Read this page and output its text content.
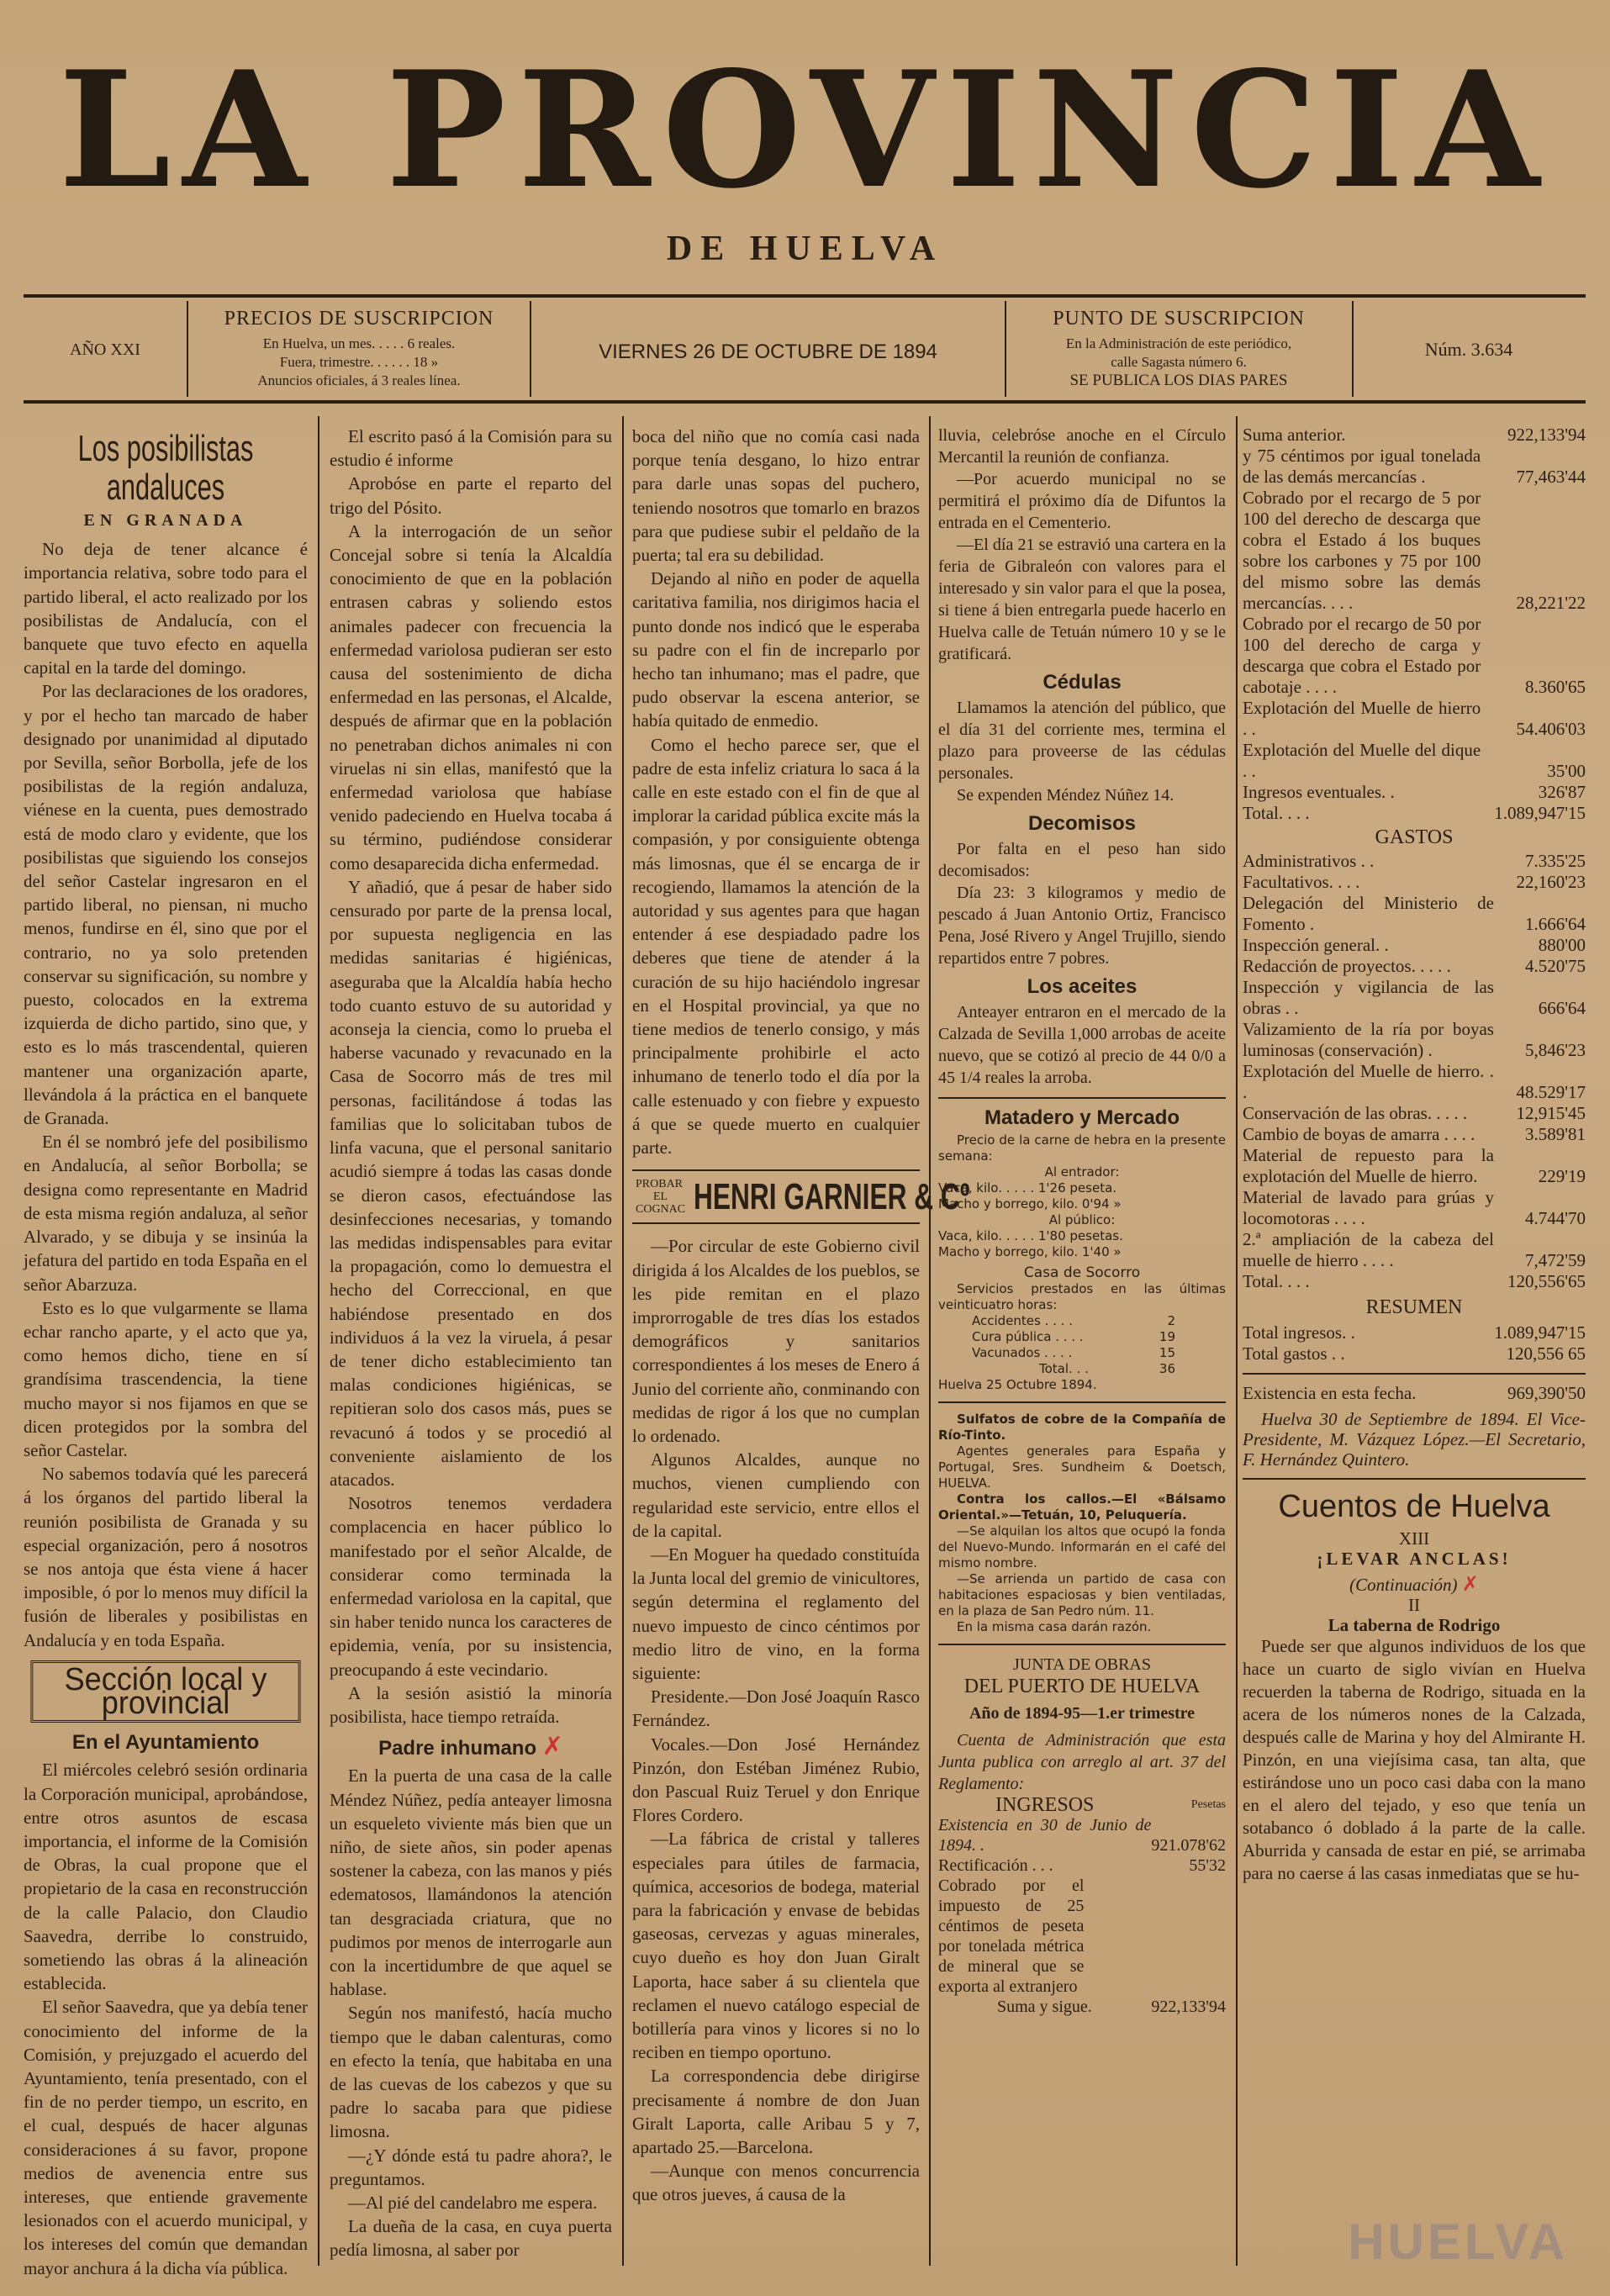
LA PROVINCIA
DE HUELVA
AÑO XXI
PRECIOS DE SUSCRIPCION
En Huelva, un mes. . . . . 6 reales.
Fuera, trimestre. . . . . . 18 »
Anuncios oficiales, á 3 reales línea.
VIERNES 26 DE OCTUBRE DE 1894
PUNTO DE SUSCRIPCION
En la Administración de este periódico,
calle Sagasta número 6.
SE PUBLICA LOS DIAS PARES
Núm. 3.634
Los posibilistas andaluces
EN GRANADA

No deja de tener alcance é importancia relativa, sobre todo para el partido liberal, el acto realizado por los posibilistas de Andalucía, con el banquete que tuvo efecto en aquella capital en la tarde del domingo.

Por las declaraciones de los oradores, y por el hecho tan marcado de haber designado por unanimidad al diputado por Sevilla, señor Borbolla, jefe de los posibilistas de la región andaluza, viénese en la cuenta, pues demostrado está de modo claro y evidente, que los posibilistas que siguiendo los consejos del señor Castelar ingresaron en el partido liberal, no piensan, ni mucho menos, fundirse en él, sino que por el contrario, no ya solo pretenden conservar su significación, su nombre y puesto, colocados en la extrema izquierda de dicho partido, sino que, y esto es lo más trascendental, quieren mantener una organización aparte, llevándola á la práctica en el banquete de Granada.

En él se nombró jefe del posibilismo en Andalucía, al señor Borbolla; se designa como representante en Madrid de esta misma región andaluza, al señor Alvarado, y se dibuja y se insinúa la jefatura del partido en toda España en el señor Abarzuza.

Esto es lo que vulgarmente se llama echar rancho aparte, y el acto que ya, como hemos dicho, tiene en sí grandísima trascendencia, la tiene mucho mayor si nos fijamos en que se dicen protegidos por la sombra del señor Castelar.

No sabemos todavía qué les parecerá á los órganos del partido liberal la reunión posibilista de Granada y su especial organización, pero á nosotros se nos antoja que ésta viene á hacer imposible, ó por lo menos muy difícil la fusión de liberales y posibilistas en Andalucía y en toda España.

Sección local y provincial
En el Ayuntamiento

El miércoles celebró sesión ordinaria la Corporación municipal, aprobándose, entre otros asuntos de escasa importancia, el informe de la Comisión de Obras, la cual propone que el propietario de la casa en reconstrucción de la calle Palacio, don Claudio Saavedra, derribe lo construido, sometiendo las obras á la alineación establecida.

El señor Saavedra, que ya debía tener conocimiento del informe de la Comisión, y prejuzgado el acuerdo del Ayuntamiento, tenía presentado, con el fin de no perder tiempo, un escrito, en el cual, después de hacer algunas consideraciones á su favor, propone medios de avenencia entre sus intereses, que entiende gravemente lesionados con el acuerdo municipal, y los intereses del común que demandan mayor anchura á la dicha vía pública.

El escrito pasó á la Comisión para su estudio é informe

Aprobóse en parte el reparto del trigo del Pósito.

A la interrogación de un señor Concejal sobre si tenía la Alcaldía conocimiento de que en la población entrasen cabras y soliendo estos animales padecer con frecuencia la enfermedad variolosa pudieran ser esto causa del sostenimiento de dicha enfermedad en las personas, el Alcalde, después de afirmar que en la población no penetraban dichos animales ni con viruelas ni sin ellas, manifestó que la enfermedad variolosa que habíase venido padeciendo en Huelva tocaba á su término, pudiéndose considerar como desaparecida dicha enfermedad.

Y añadió, que á pesar de haber sido censurado por parte de la prensa local, por supuesta negligencia en las medidas sanitarias é higiénicas, aseguraba que la Alcaldía había hecho todo cuanto estuvo de su autoridad y aconseja la ciencia, como lo prueba el haberse vacunado y revacunado en la Casa de Socorro más de tres mil personas, facilitándose á todas las familias que lo solicitaban tubos de linfa vacuna, que el personal sanitario acudió siempre á todas las casas donde se dieron casos, efectuándose las desinfecciones necesarias, y tomando las medidas indispensables para evitar la propagación, como lo demuestra el hecho del Correccional, en que habiéndose presentado en dos individuos á la vez la viruela, á pesar de tener dicho establecimiento tan malas condiciones higiénicas, se repitieran solo dos casos más, pues se revacunó á todos y se procedió al conveniente aislamiento de los atacados.

Nosotros tenemos verdadera complacencia en hacer público lo manifestado por el señor Alcalde, de considerar como terminada la enfermedad variolosa en la capital, que sin haber tenido nunca los caracteres de epidemia, venía, por su insistencia, preocupando á este vecindario.

A la sesión asistió la minoría posibilista, hace tiempo retraída.

Padre inhumano ✗

En la puerta de una casa de la calle Méndez Núñez, pedía anteayer limosna un esqueleto viviente más bien que un niño, de siete años, sin poder apenas sostener la cabeza, con las manos y piés edematosos, llamándonos la atención tan desgraciada criatura, que no pudimos por menos de interrogarle aun con la incertidumbre de que aquel se hablase.

Según nos manifestó, hacía mucho tiempo que le daban calenturas, como en efecto la tenía, que habitaba en una de las cuevas de los cabezos y que su padre lo sacaba para que pidiese limosna.

—¿Y dónde está tu padre ahora?, le preguntamos.

—Al pié del candelabro me espera.

La dueña de la casa, en cuya puerta pedía limosna, al saber por

boca del niño que no comía casi nada porque tenía desgano, lo hizo entrar para darle unas sopas del puchero, teniendo nosotros que tomarlo en brazos para que pudiese subir el peldaño de la puerta; tal era su debilidad.

Dejando al niño en poder de aquella caritativa familia, nos dirigimos hacia el punto donde nos indicó que le esperaba su padre con el fin de increparlo por hecho tan inhumano; mas el padre, que pudo observar la escena anterior, se había quitado de enmedio.

Como el hecho parece ser, que el padre de esta infeliz criatura lo saca á la calle en este estado con el fin de que al implorar la caridad pública excite más la compasión, y por consiguiente obtenga más limosnas, que él se encarga de ir recogiendo, llamamos la atención de la autoridad y sus agentes para que hagan entender á ese despiadado padre los deberes que tiene de atender á la curación de su hijo haciéndolo ingresar en el Hospital provincial, ya que no tiene medios de tenerlo consigo, y más principalmente prohibirle el acto inhumano de tenerlo todo el día por la calle estenuado y con fiebre y expuesto á que se quede muerto en cualquier parte.

PROBAR
EL
COGNAC HENRI GARNIER & Cº

—Por circular de este Gobierno civil dirigida á los Alcaldes de los pueblos, se les pide remitan en el plazo improrrogable de tres días los estados demográficos y sanitarios correspondientes á los meses de Enero á Junio del corriente año, conminando con medidas de rigor á los que no cumplan lo ordenado.

Algunos Alcaldes, aunque no muchos, vienen cumpliendo con regularidad este servicio, entre ellos el de la capital.

—En Moguer ha quedado constituída la Junta local del gremio de vinicultores, según determina el reglamento del nuevo impuesto de cinco céntimos por medio litro de vino, en la forma siguiente:

Presidente.—Don José Joaquín Rasco Fernández.

Vocales.—Don José Hernández Pinzón, don Estéban Jiménez Rubio, don Pascual Ruiz Teruel y don Enrique Flores Cordero.

—La fábrica de cristal y talleres especiales para útiles de farmacia, química, accesorios de bodega, material para la fabricación y envase de bebidas gaseosas, cervezas y aguas minerales, cuyo dueño es hoy don Juan Giralt Laporta, hace saber á su clientela que reclamen el nuevo catálogo especial de botillería para vinos y licores si no lo reciben en tiempo oportuno.

La correspondencia debe dirigirse precisamente á nombre de don Juan Giralt Laporta, calle Aribau 5 y 7, apartado 25.—Barcelona.

—Aunque con menos concurrencia que otros jueves, á causa de la

lluvia, celebróse anoche en el Círculo Mercantil la reunión de confianza.

—Por acuerdo municipal no se permitirá el próximo día de Difuntos la entrada en el Cementerio.

—El día 21 se estravió una cartera en la feria de Gibraleón con valores para el interesado y sin valor para el que la posea, si tiene á bien entregarla puede hacerlo en Huelva calle de Tetuán número 10 y se le gratificará.

Cédulas

Llamamos la atención del público, que el día 31 del corriente mes, termina el plazo para proveerse de las cédulas personales.

Se expenden Méndez Núñez 14.

Decomisos

Por falta en el peso han sido decomisados:

Día 23: 3 kilogramos y medio de pescado á Juan Antonio Ortiz, Francisco Pena, José Rivero y Angel Trujillo, siendo repartidos entre 7 pobres.

Los aceites

Anteayer entraron en el mercado de la Calzada de Sevilla 1,000 arrobas de aceite nuevo, que se cotizó al precio de 44 0/0 a 45 1/4 reales la arroba.

Matadero y Mercado

Precio de la carne de hebra en la presente semana:

Al entrador:
Vaca, kilo. . . . . 1'26 peseta.
Macho y borrego, kilo. 0'94 »
Al público:
Vaca, kilo. . . . . 1'80 pesetas.
Macho y borrego, kilo. 1'40 »
Casa de Socorro

Servicios prestados en las últimas veinticuatro horas:

Accidentes . . . .	2
Cura pública . . . .	19
Vacunados . . . .	15
Total. . .	36
Huelva 25 Octubre 1894.

Sulfatos de cobre de la Compañía de Río-Tinto.

Agentes generales para España y Portugal, Sres. Sundheim & Doetsch, HUELVA.

Contra los callos.—El «Bálsamo Oriental.»—Tetuán, 10, Peluquería.

—Se alquilan los altos que ocupó la fonda del Nuevo-Mundo. Informarán en el café del mismo nombre.

—Se arrienda un partido de casa con habitaciones espaciosas y bien ventiladas, en la plaza de San Pedro núm. 11.

En la misma casa darán razón.

JUNTA DE OBRAS
DEL PUERTO DE HUELVA
Año de 1894-95—1.er trimestre

Cuenta de Administración que esta Junta publica con arreglo al art. 37 del Reglamento:

INGRESOS	Pesetas
Existencia en 30 de Junio de 1894. .	921.078'62
Rectificación . . .	55'32
Cobrado por el impuesto de 25 céntimos de peseta por tonelada métrica de mineral que se exporta al extranjero	
Suma y sigue.	922,133'94
Suma anterior.	922,133'94
y 75 céntimos por igual tonelada de las demás mercancías .	77,463'44
Cobrado por el recargo de 5 por 100 del derecho de descarga que cobra el Estado á los buques sobre los carbones y 75 por 100 del mismo sobre las demás mercancías. . . .	28,221'22
Cobrado por el recargo de 50 por 100 del derecho de carga y descarga que cobra el Estado por cabotaje . . . .	8.360'65
Explotación del Muelle de hierro . .	54.406'03
Explotación del Muelle del dique . .	35'00
Ingresos eventuales. .	326'87
Total. . . .	1.089,947'15
GASTOS
Administrativos . .	7.335'25
Facultativos. . . .	22,160'23
Delegación del Ministerio de Fomento .	1.666'64
Inspección general. .	880'00
Redacción de proyectos. . . . .	4.520'75
Inspección y vigilancia de las obras . .	666'64
Valizamiento de la ría por boyas luminosas (conservación) .	5,846'23
Explotación del Muelle de hierro. . .	48.529'17
Conservación de las obras. . . . .	12,915'45
Cambio de boyas de amarra . . . .	3.589'81
Material de repuesto para la explotación del Muelle de hierro.	229'19
Material de lavado para grúas y locomotoras . . . .	4.744'70
2.ª ampliación de la cabeza del muelle de hierro . . . .	7,472'59
Total. . . .	120,556'65
RESUMEN
Total ingresos. .	1.089,947'15
Total gastos . .	120,556 65
Existencia en esta fecha.	969,390'50

Huelva 30 de Septiembre de 1894. El Vice-Presidente, M. Vázquez López.—El Secretario, F. Hernández Quintero.

Cuentos de Huelva
XIII
¡LEVAR ANCLAS!
(Continuación) ✗
II
La taberna de Rodrigo

Puede ser que algunos individuos de los que hace un cuarto de siglo vivían en Huelva recuerden la taberna de Rodrigo, situada en la acera de los números nones de la Calzada, después calle de Marina y hoy del Almirante H. Pinzón, en una viejísima casa, tan alta, que estirándose uno un poco casi daba con la mano en el alero del tejado, y eso que tenía un sotabanco ó doblado á la parte de la calle. Aburrida y cansada de estar en pié, se arrimaba para no caerse á las casas inmediatas que se hu-

HUELVA
